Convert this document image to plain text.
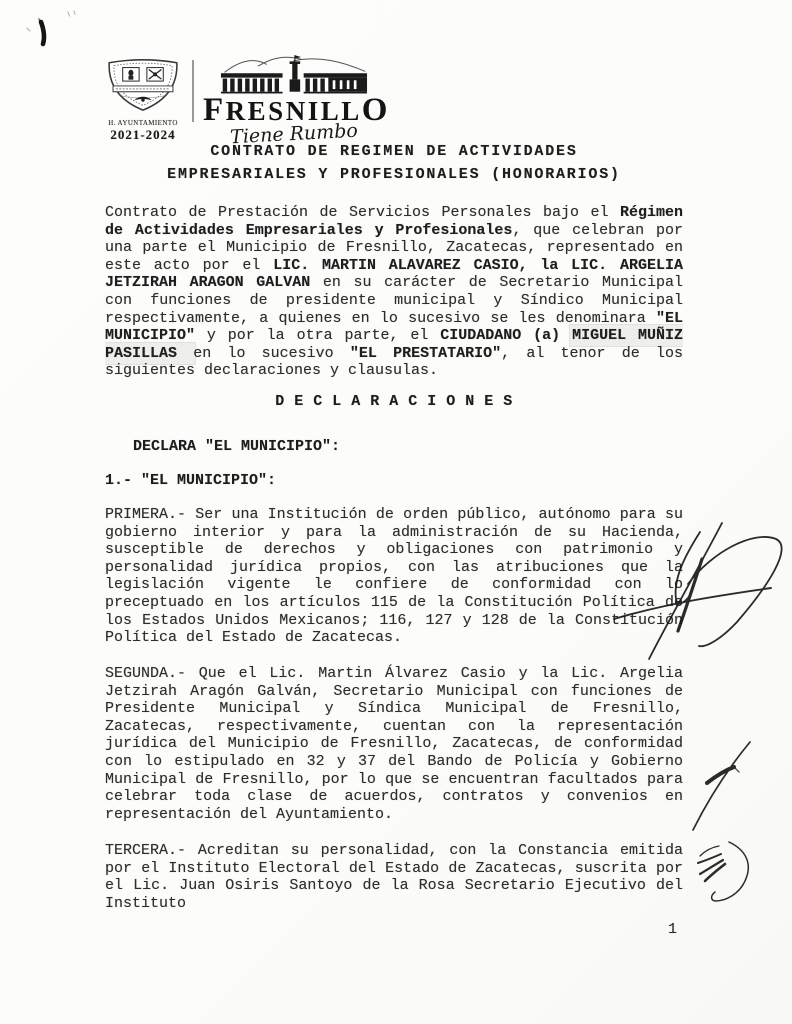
H. AYUNTAMIENTO
2021-2024
FRESNILLO
Tiene Rumbo
CONTRATO DE REGIMEN DE ACTIVIDADES
EMPRESARIALES Y PROFESIONALES (HONORARIOS)

Contrato de Prestación de Servicios Personales bajo el Régimen de Actividades Empresariales y Profesionales, que celebran por una parte el Municipio de Fresnillo, Zacatecas, representado en este acto por el LIC. MARTIN ALAVAREZ CASIO, la LIC. ARGELIA JETZIRAH ARAGON GALVAN en su carácter de Secretario Municipal con funciones de presidente municipal y Síndico Municipal respectivamente, a quienes en lo sucesivo se les denominara "EL MUNICIPIO" y por la otra parte, el CIUDADANO (a) MIGUEL MUÑIZ PASILLAS en lo sucesivo "EL PRESTATARIO", al tenor de los siguientes declaraciones y clausulas.

D E C L A R A C I O N E S
DECLARA "EL MUNICIPIO":
1.- "EL MUNICIPIO":

PRIMERA.- Ser una Institución de orden público, autónomo para su gobierno interior y para la administración de su Hacienda, susceptible de derechos y obligaciones con patrimonio y personalidad jurídica propios, con las atribuciones que la legislación vigente le confiere de conformidad con lo preceptuado en los artículos 115 de la Constitución Política de los Estados Unidos Mexicanos; 116, 127 y 128 de la Constitución Política del Estado de Zacatecas.

SEGUNDA.- Que el Lic. Martin Álvarez Casio y la Lic. Argelia Jetzirah Aragón Galván, Secretario Municipal con funciones de Presidente Municipal y Síndica Municipal de Fresnillo, Zacatecas, respectivamente, cuentan con la representación jurídica del Municipio de Fresnillo, Zacatecas, de conformidad con lo estipulado en 32 y 37 del Bando de Policía y Gobierno Municipal de Fresnillo, por lo que se encuentran facultados para celebrar toda clase de acuerdos, contratos y convenios en representación del Ayuntamiento.

TERCERA.- Acreditan su personalidad, con la Constancia emitida por el Instituto Electoral del Estado de Zacatecas, suscrita por el Lic. Juan Osiris Santoyo de la Rosa Secretario Ejecutivo del Instituto

1
